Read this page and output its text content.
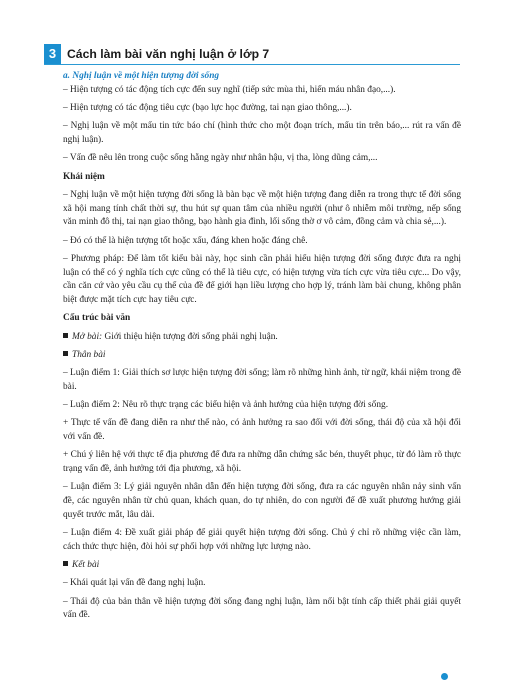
3 Cách làm bài văn nghị luận ở lớp 7

a. Nghị luận về một hiện tượng đời sống

– Hiện tượng có tác động tích cực đến suy nghĩ (tiếp sức mùa thi, hiến máu nhân đạo,...).

– Hiện tượng có tác động tiêu cực (bạo lực học đường, tai nạn giao thông,...).

– Nghị luận về một mẩu tin tức báo chí (hình thức cho một đoạn trích, mẩu tin trên báo,... rút ra vấn đề nghị luận).

– Vấn đề nêu lên trong cuộc sống hằng ngày như nhân hậu, vị tha, lòng dũng cảm,...

Khái niệm

– Nghị luận về một hiện tượng đời sống là bàn bạc về một hiện tượng đang diễn ra trong thực tế đời sống xã hội mang tính chất thời sự, thu hút sự quan tâm của nhiều người (như ô nhiễm môi trường, nếp sống văn minh đô thị, tai nạn giao thông, bạo hành gia đình, lối sống thờ ơ vô cảm, đồng cảm và chia sẻ,...).

– Đó có thể là hiện tượng tốt hoặc xấu, đáng khen hoặc đáng chê.

– Phương pháp: Để làm tốt kiểu bài này, học sinh cần phải hiểu hiện tượng đời sống được đưa ra nghị luận có thể có ý nghĩa tích cực cũng có thể là tiêu cực, có hiện tượng vừa tích cực vừa tiêu cực... Do vậy, cần căn cứ vào yêu cầu cụ thể của đề để giới hạn liều lượng cho hợp lý, tránh làm bài chung, không phân biệt được mặt tích cực hay tiêu cực.

Cấu trúc bài văn

Mở bài: Giới thiệu hiện tượng đời sống phải nghị luận.

Thân bài

– Luận điểm 1: Giải thích sơ lược hiện tượng đời sống; làm rõ những hình ảnh, từ ngữ, khái niệm trong đề bài.

– Luận điểm 2: Nêu rõ thực trạng các biểu hiện và ảnh hưởng của hiện tượng đời sống.

+ Thực tế vấn đề đang diễn ra như thế nào, có ảnh hưởng ra sao đối với đời sống, thái độ của xã hội đối với vấn đề.

+ Chú ý liên hệ với thực tế địa phương để đưa ra những dẫn chứng sắc bén, thuyết phục, từ đó làm rõ thực trạng vấn đề, ảnh hưởng tới địa phương, xã hội.

– Luận điểm 3: Lý giải nguyên nhân dẫn đến hiện tượng đời sống, đưa ra các nguyên nhân nảy sinh vấn đề, các nguyên nhân từ chủ quan, khách quan, do tự nhiên, do con người để đề xuất phương hướng giải quyết trước mắt, lâu dài.

– Luận điểm 4: Đề xuất giải pháp để giải quyết hiện tượng đời sống. Chủ ý chỉ rõ những việc cần làm, cách thức thực hiện, đòi hỏi sự phối hợp với những lực lượng nào.

Kết bài

– Khái quát lại vấn đề đang nghị luận.

– Thái độ của bản thân về hiện tượng đời sống đang nghị luận, làm nổi bật tính cấp thiết phải giải quyết vấn đề.
